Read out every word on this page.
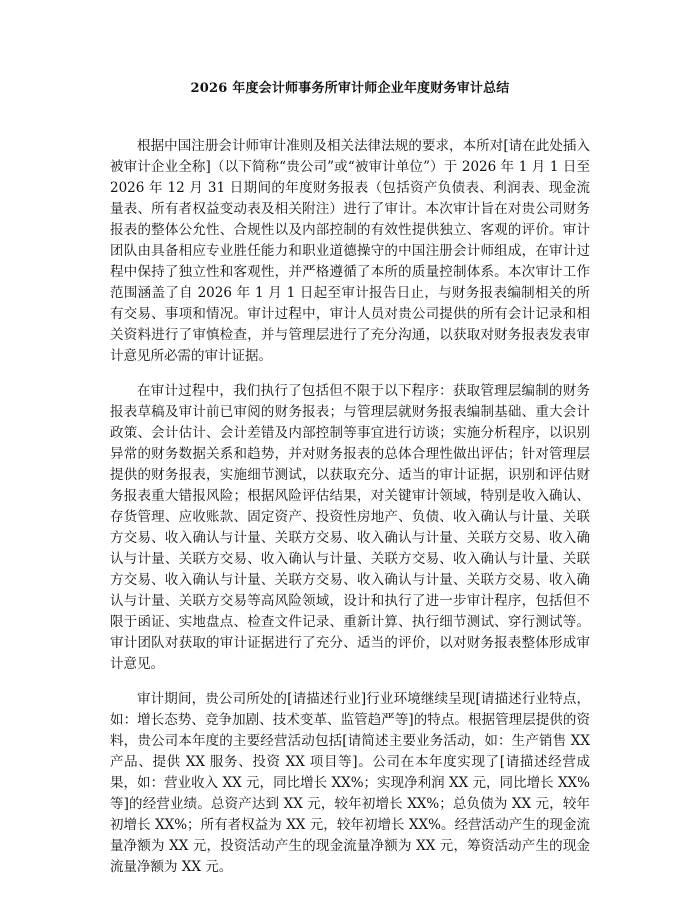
2026 年度会计师事务所审计师企业年度财务审计总结

根据中国注册会计师审计准则及相关法律法规的要求，本所对[请在此处插入被审计企业全称]（以下简称“贵公司”或“被审计单位”）于 2026 年 1 月 1 日至 2026 年 12 月 31 日期间的年度财务报表（包括资产负债表、利润表、现金流量表、所有者权益变动表及相关附注）进行了审计。本次审计旨在对贵公司财务报表的整体公允性、合规性以及内部控制的有效性提供独立、客观的评价。审计团队由具备相应专业胜任能力和职业道德操守的中国注册会计师组成，在审计过程中保持了独立性和客观性，并严格遵循了本所的质量控制体系。本次审计工作范围涵盖了自 2026 年 1 月 1 日起至审计报告日止，与财务报表编制相关的所有交易、事项和情况。审计过程中，审计人员对贵公司提供的所有会计记录和相关资料进行了审慎检查，并与管理层进行了充分沟通，以获取对财务报表发表审计意见所必需的审计证据。

在审计过程中，我们执行了包括但不限于以下程序：获取管理层编制的财务报表草稿及审计前已审阅的财务报表；与管理层就财务报表编制基础、重大会计政策、会计估计、会计差错及内部控制等事宜进行访谈；实施分析程序，以识别异常的财务数据关系和趋势，并对财务报表的总体合理性做出评估；针对管理层提供的财务报表，实施细节测试，以获取充分、适当的审计证据，识别和评估财务报表重大错报风险；根据风险评估结果，对关键审计领域，特别是收入确认、存货管理、应收账款、固定资产、投资性房地产、负债、收入确认与计量、关联方交易、收入确认与计量、关联方交易、收入确认与计量、关联方交易、收入确认与计量、关联方交易、收入确认与计量、关联方交易、收入确认与计量、关联方交易、收入确认与计量、关联方交易、收入确认与计量、关联方交易、收入确认与计量、关联方交易等高风险领域，设计和执行了进一步审计程序，包括但不限于函证、实地盘点、检查文件记录、重新计算、执行细节测试、穿行测试等。审计团队对获取的审计证据进行了充分、适当的评价，以对财务报表整体形成审计意见。

审计期间，贵公司所处的[请描述行业]行业环境继续呈现[请描述行业特点，如：增长态势、竞争加剧、技术变革、监管趋严等]的特点。根据管理层提供的资料，贵公司本年度的主要经营活动包括[请简述主要业务活动，如：生产销售 XX 产品、提供 XX 服务、投资 XX 项目等]。公司在本年度实现了[请描述经营成果，如：营业收入 XX 元，同比增长 XX%；实现净利润 XX 元，同比增长 XX%等]的经营业绩。总资产达到 XX 元，较年初增长 XX%；总负债为 XX 元，较年初增长 XX%；所有者权益为 XX 元，较年初增长 XX%。经营活动产生的现金流量净额为 XX 元，投资活动产生的现金流量净额为 XX 元，筹资活动产生的现金流量净额为 XX 元。
